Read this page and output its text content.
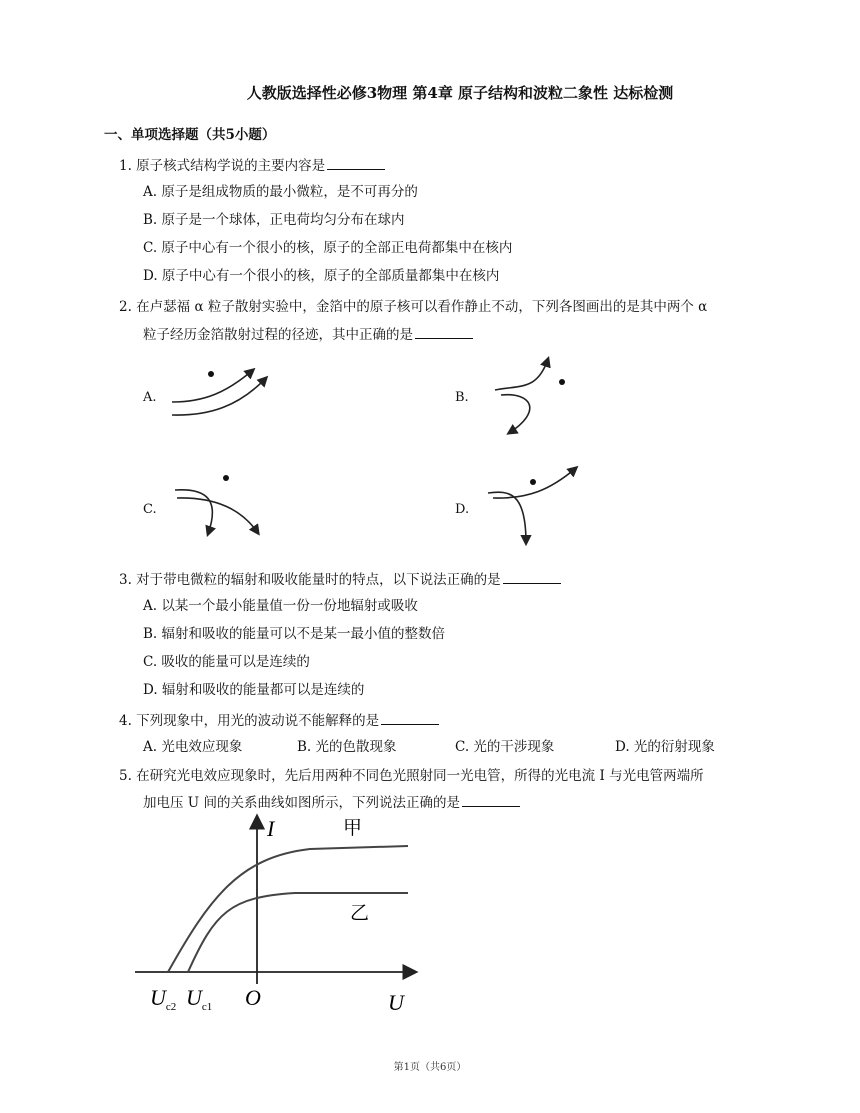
人教版选择性必修3物理 第4章 原子结构和波粒二象性 达标检测
一、单项选择题（共5小题）
1. 原子核式结构学说的主要内容是
A. 原子是组成物质的最小微粒，是不可再分的
B. 原子是一个球体，正电荷均匀分布在球内
C. 原子中心有一个很小的核，原子的全部正电荷都集中在核内
D. 原子中心有一个很小的核，原子的全部质量都集中在核内
2. 在卢瑟福 α 粒子散射实验中，金箔中的原子核可以看作静止不动，下列各图画出的是其中两个 α
粒子经历金箔散射过程的径迹，其中正确的是
A.	B.
C.	D.
3. 对于带电微粒的辐射和吸收能量时的特点，以下说法正确的是
A. 以某一个最小能量值一份一份地辐射或吸收
B. 辐射和吸收的能量可以不是某一最小值的整数倍
C. 吸收的能量可以是连续的
D. 辐射和吸收的能量都可以是连续的
4. 下列现象中，用光的波动说不能解释的是
A. 光电效应现象	B. 光的色散现象	C. 光的干涉现象	D. 光的衍射现象
5. 在研究光电效应现象时，先后用两种不同色光照射同一光电管，所得的光电流 I 与光电管两端所
加电压 U 间的关系曲线如图所示，下列说法正确的是
I	甲
乙
O	U
$U_{c2}$ $U_{c1}$
第1页（共6页）
